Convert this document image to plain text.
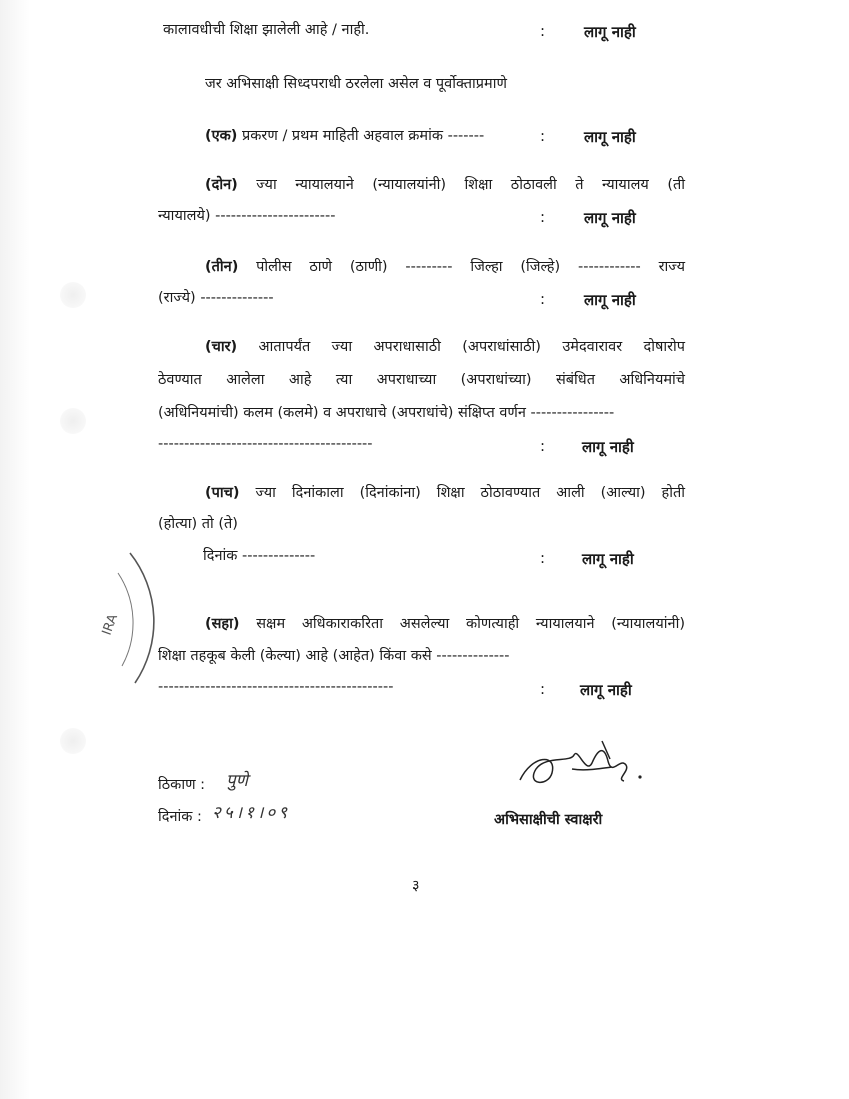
कालावधीची शिक्षा झालेली आहे / नाही.	:	लागू नाही
जर अभिसाक्षी सिध्दपराधी ठरलेला असेल व पूर्वोक्ताप्रमाणे
(एक) प्रकरण / प्रथम माहिती अहवाल क्रमांक -------	:	लागू नाही
(दोन) ज्या न्यायालयाने (न्यायालयांनी) शिक्षा ठोठावली ते न्यायालय (ती
न्यायालये) -----------------------	:	लागू नाही
(तीन) पोलीस ठाणे (ठाणी) --------- जिल्हा (जिल्हे) ------------ राज्य
(राज्ये) --------------	:	लागू नाही
(चार) आतापर्यंत ज्या अपराधासाठी (अपराधांसाठी) उमेदवारावर दोषारोप
ठेवण्यात आलेला आहे त्या अपराधाच्या (अपराधांच्या) संबंधित अधिनियमांचे
(अधिनियमांची) कलम (कलमे) व अपराधाचे (अपराधांचे) संक्षिप्त वर्णन ----------------
-----------------------------------------	: लागू नाही
(पाच) ज्या दिनांकाला (दिनांकांना) शिक्षा ठोठावण्यात आली (आल्या) होती
(होत्या) तो (ते)
दिनांक --------------	: लागू नाही
(सहा) सक्षम अधिकाराकरिता असलेल्या कोणत्याही न्यायालयाने (न्यायालयांनी)
शिक्षा तहकूब केली (केल्या) आहे (आहेत) किंवा कसे --------------
---------------------------------------------	: लागू नाही
IRA
ठिकाण : पुणे
दिनांक : २५।१।०९	अभिसाक्षीची स्वाक्षरी
३
